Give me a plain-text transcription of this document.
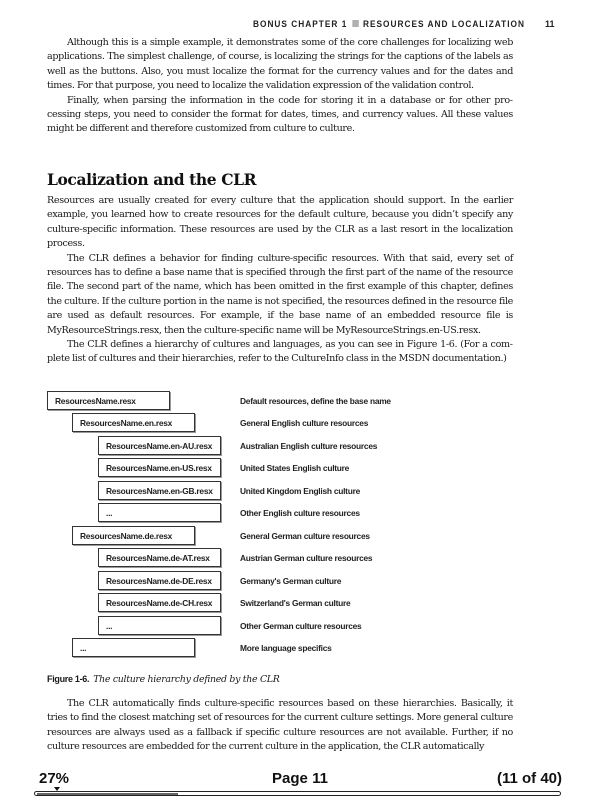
BONUS CHAPTER 1 RESOURCES AND LOCALIZATION 11

Although this is a simple example, it demonstrates some of the core challenges for localizing web applications. The simplest challenge, of course, is localizing the strings for the captions of the labels as well as the buttons. Also, you must localize the format for the currency values and for the dates and times. For that purpose, you need to localize the validation expression of the validation control.

Finally, when parsing the information in the code for storing it in a database or for other processing steps, you need to consider the format for dates, times, and currency values. All these values might be different and therefore customized from culture to culture.

Localization and the CLR

Resources are usually created for every culture that the application should support. In the earlier example, you learned how to create resources for the default culture, because you didn’t specify any culture-specific information. These resources are used by the CLR as a last resort in the localization process.

The CLR defines a behavior for finding culture-specific resources. With that said, every set of resources has to define a base name that is specified through the first part of the name of the resource file. The second part of the name, which has been omitted in the first example of this chapter, defines the culture. If the culture portion in the name is not specified, the resources defined in the resource file are used as default resources. For example, if the base name of an embedded resource file is MyResourceStrings.resx, then the culture-specific name will be MyResourceStrings.en-US.resx.

The CLR defines a hierarchy of cultures and languages, as you can see in Figure 1-6. (For a complete list of cultures and their hierarchies, refer to the CultureInfo class in the MSDN documentation.)

ResourcesName.resx	Default resources, define the base name
ResourcesName.en.resx	General English culture resources
ResourcesName.en-AU.resx	Australian English culture resources
ResourcesName.en-US.resx	United States English culture
ResourcesName.en-GB.resx	United Kingdom English culture
...	Other English culture resources
ResourcesName.de.resx	General German culture resources
ResourcesName.de-AT.resx	Austrian German culture resources
ResourcesName.de-DE.resx	Germany's German culture
ResourcesName.de-CH.resx	Switzerland's German culture
...	Other German culture resources
...	More language specifics
Figure 1-6. The culture hierarchy defined by the CLR

The CLR automatically finds culture-specific resources based on these hierarchies. Basically, it tries to find the closest matching set of resources for the current culture settings. More general culture resources are always used as a fallback if specific culture resources are not available. Further, if no culture resources are embedded for the current culture in the application, the CLR automatically

Page 11
27%	(11 of 40)
